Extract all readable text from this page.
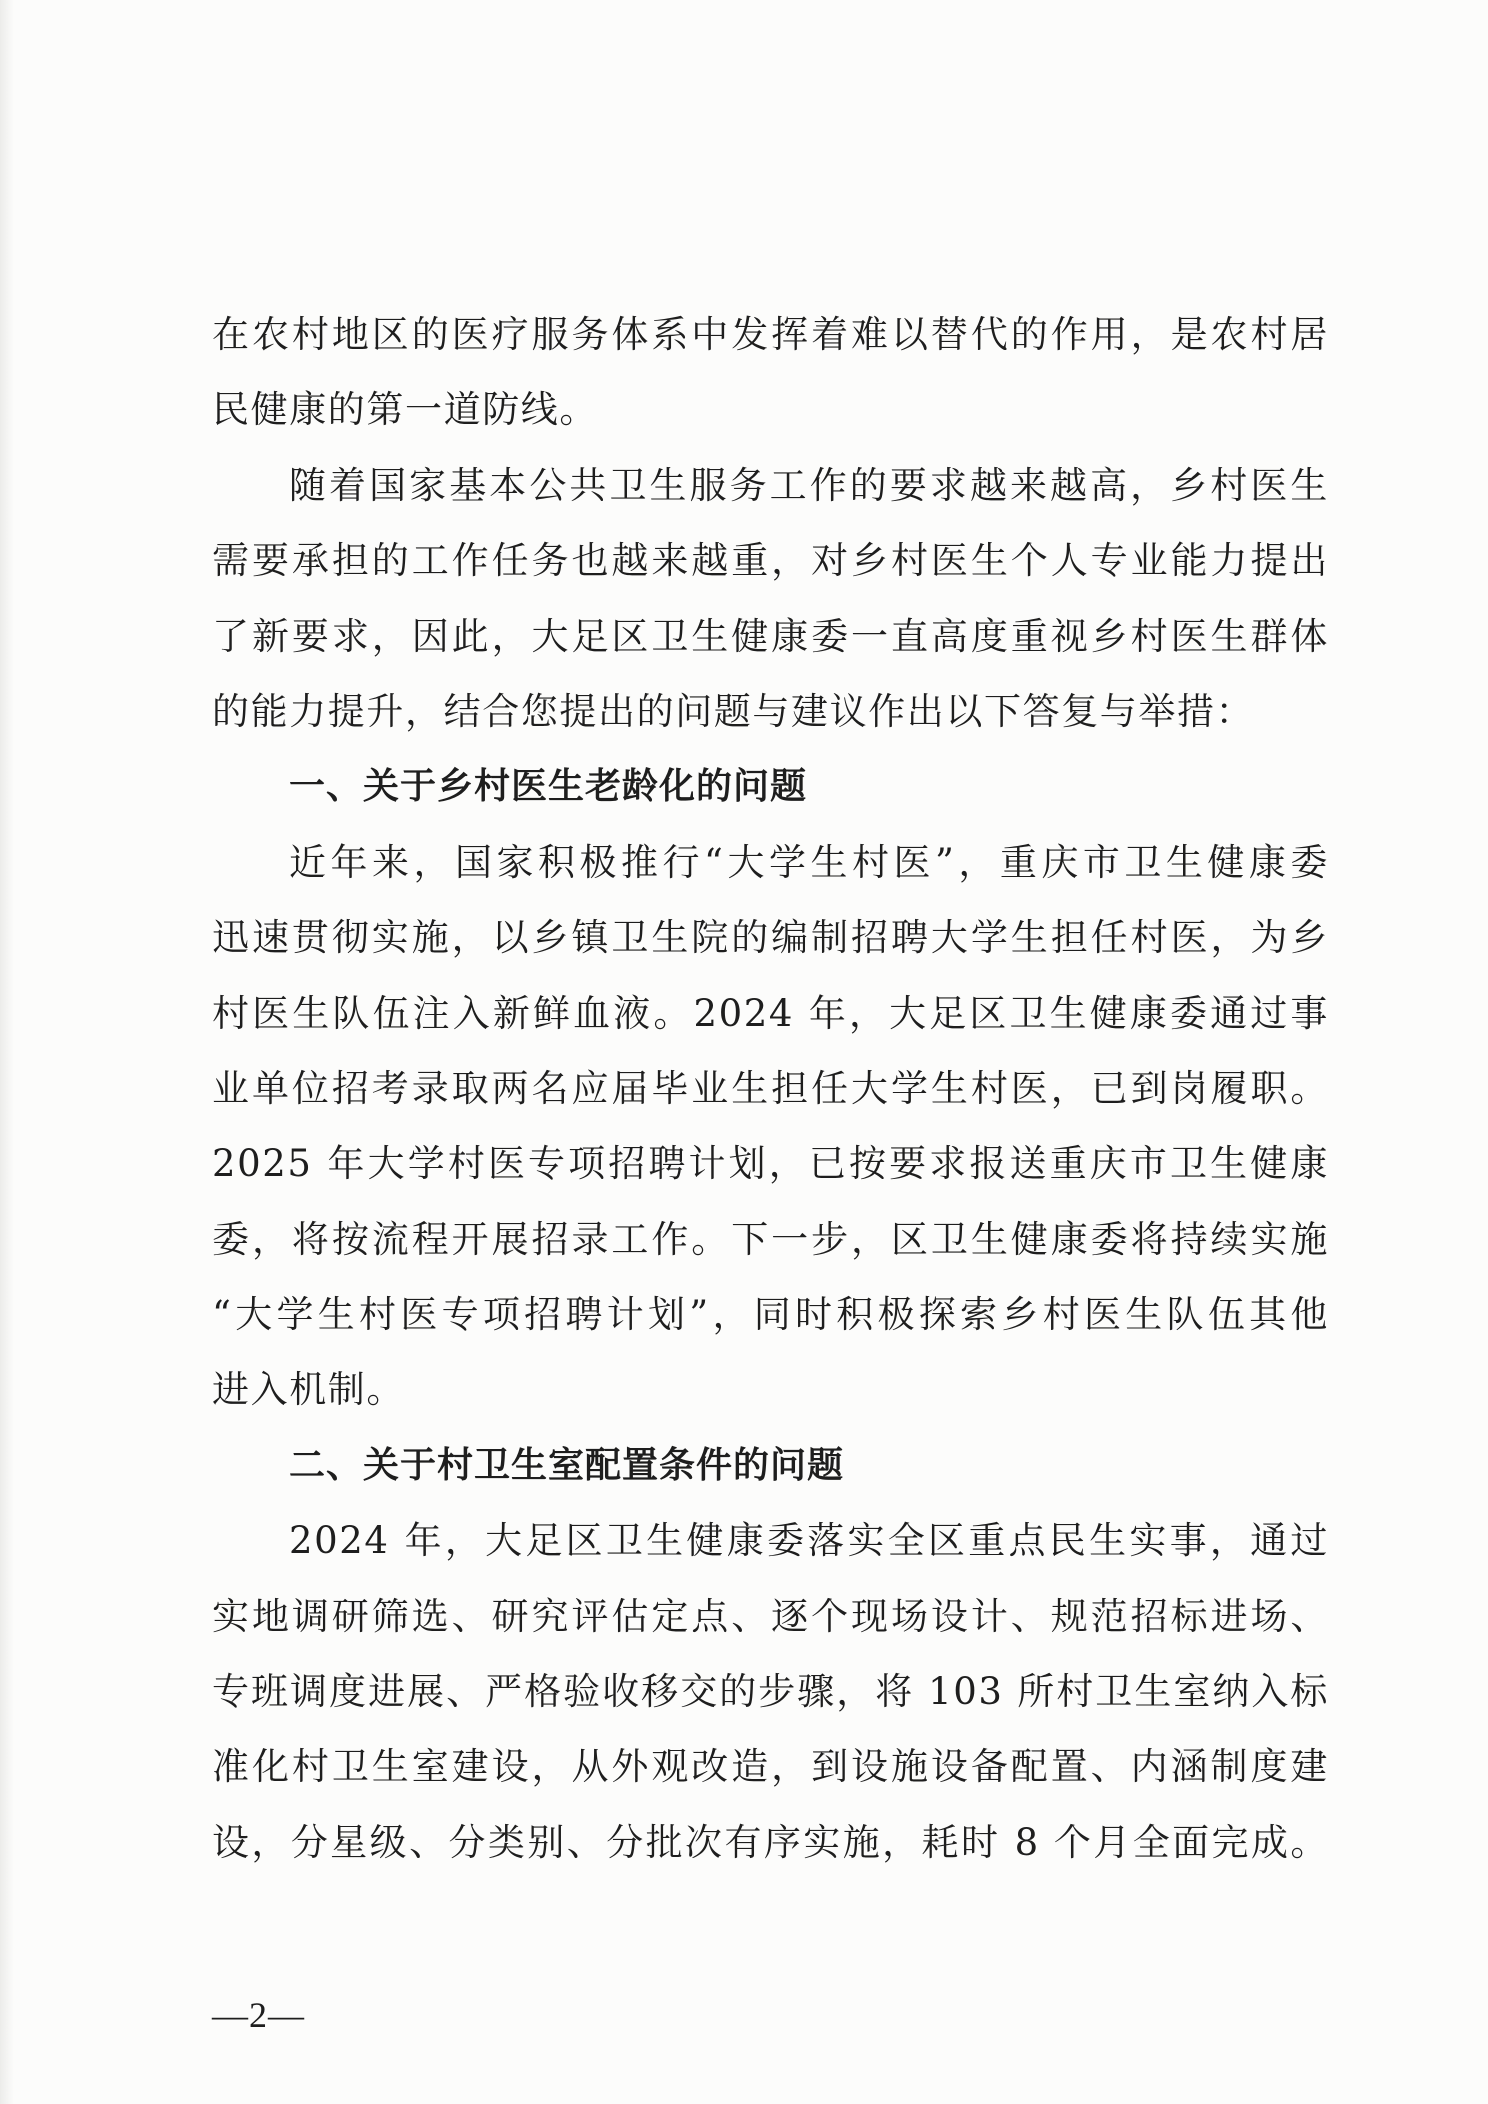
在农村地区的医疗服务体系中发挥着难以替代的作用，是农村居
民健康的第一道防线。
随着国家基本公共卫生服务工作的要求越来越高，乡村医生
需要承担的工作任务也越来越重，对乡村医生个人专业能力提出
了新要求，因此，大足区卫生健康委一直高度重视乡村医生群体
的能力提升，结合您提出的问题与建议作出以下答复与举措：
一、关于乡村医生老龄化的问题
近年来，国家积极推行“大学生村医”，重庆市卫生健康委
迅速贯彻实施，以乡镇卫生院的编制招聘大学生担任村医，为乡
村医生队伍注入新鲜血液。2024 年，大足区卫生健康委通过事
业单位招考录取两名应届毕业生担任大学生村医，已到岗履职。
2025 年大学村医专项招聘计划，已按要求报送重庆市卫生健康
委，将按流程开展招录工作。下一步，区卫生健康委将持续实施
“大学生村医专项招聘计划”，同时积极探索乡村医生队伍其他
进入机制。
二、关于村卫生室配置条件的问题
2024 年，大足区卫生健康委落实全区重点民生实事，通过
实地调研筛选、研究评估定点、逐个现场设计、规范招标进场、
专班调度进展、严格验收移交的步骤，将 103 所村卫生室纳入标
准化村卫生室建设，从外观改造，到设施设备配置、内涵制度建
设，分星级、分类别、分批次有序实施，耗时 8 个月全面完成。
—2—
